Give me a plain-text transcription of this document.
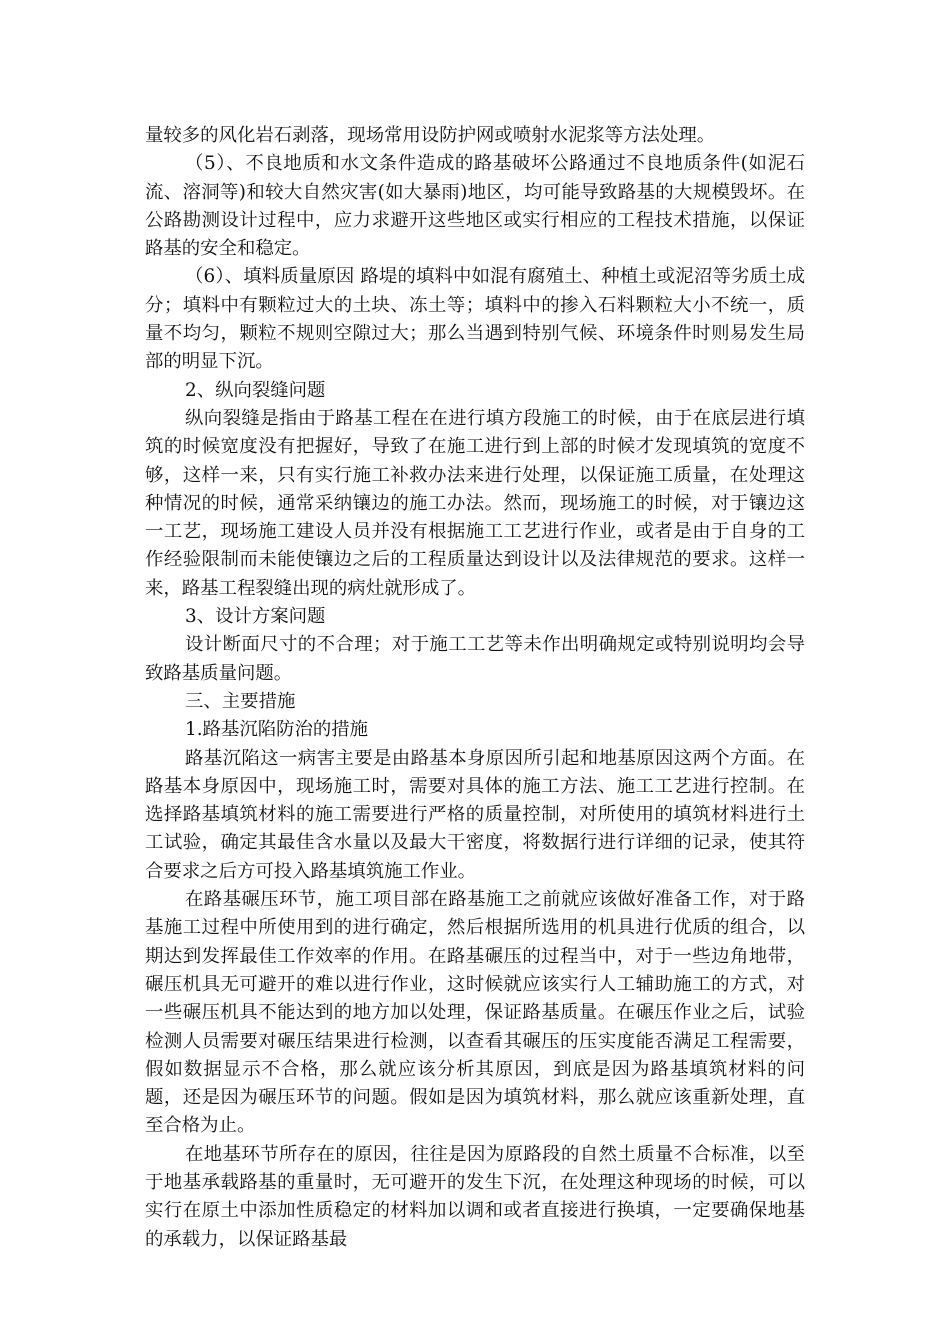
量较多的风化岩石剥落，现场常用设防护网或喷射水泥浆等方法处理。

（5）、不良地质和水文条件造成的路基破坏公路通过不良地质条件(如泥石流、溶洞等)和较大自然灾害(如大暴雨)地区，均可能导致路基的大规模毁坏。在公路勘测设计过程中，应力求避开这些地区或实行相应的工程技术措施，以保证路基的安全和稳定。

（6）、填料质量原因 路堤的填料中如混有腐殖土、种植土或泥沼等劣质土成分；填料中有颗粒过大的土块、冻土等；填料中的掺入石料颗粒大小不统一，质量不均匀，颗粒不规则空隙过大；那么当遇到特别气候、环境条件时则易发生局部的明显下沉。

2、纵向裂缝问题

纵向裂缝是指由于路基工程在在进行填方段施工的时候，由于在底层进行填筑的时候宽度没有把握好，导致了在施工进行到上部的时候才发现填筑的宽度不够，这样一来，只有实行施工补救办法来进行处理，以保证施工质量，在处理这种情况的时候，通常采纳镶边的施工办法。然而，现场施工的时候，对于镶边这一工艺，现场施工建设人员并没有根据施工工艺进行作业，或者是由于自身的工作经验限制而未能使镶边之后的工程质量达到设计以及法律规范的要求。这样一来，路基工程裂缝出现的病灶就形成了。

3、设计方案问题

设计断面尺寸的不合理；对于施工工艺等未作出明确规定或特别说明均会导致路基质量问题。

三、主要措施

1.路基沉陷防治的措施

路基沉陷这一病害主要是由路基本身原因所引起和地基原因这两个方面。在路基本身原因中，现场施工时，需要对具体的施工方法、施工工艺进行控制。在选择路基填筑材料的施工需要进行严格的质量控制，对所使用的填筑材料进行土工试验，确定其最佳含水量以及最大干密度，将数据行进行详细的记录，使其符合要求之后方可投入路基填筑施工作业。

在路基碾压环节，施工项目部在路基施工之前就应该做好准备工作，对于路基施工过程中所使用到的进行确定，然后根据所选用的机具进行优质的组合，以期达到发挥最佳工作效率的作用。在路基碾压的过程当中，对于一些边角地带，碾压机具无可避开的难以进行作业，这时候就应该实行人工辅助施工的方式，对一些碾压机具不能达到的地方加以处理，保证路基质量。在碾压作业之后，试验检测人员需要对碾压结果进行检测，以查看其碾压的压实度能否满足工程需要，假如数据显示不合格，那么就应该分析其原因，到底是因为路基填筑材料的问题，还是因为碾压环节的问题。假如是因为填筑材料，那么就应该重新处理，直至合格为止。

在地基环节所存在的原因，往往是因为原路段的自然土质量不合标准，以至于地基承载路基的重量时，无可避开的发生下沉，在处理这种现场的时候，可以实行在原土中添加性质稳定的材料加以调和或者直接进行换填，一定要确保地基的承载力，以保证路基最
